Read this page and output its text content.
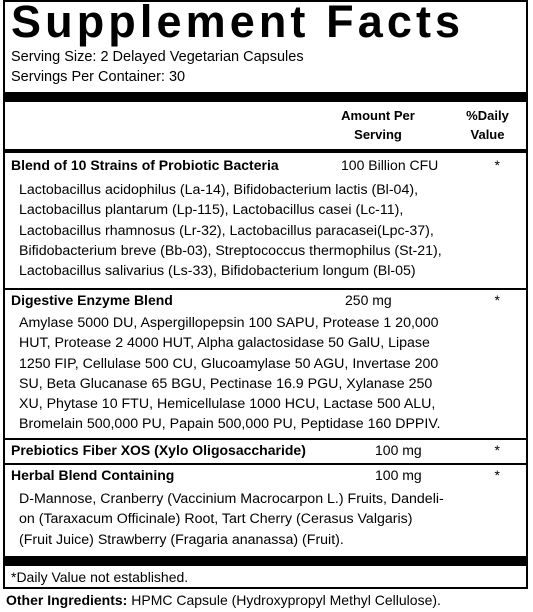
Supplement Facts
Serving Size: 2 Delayed Vegetarian Capsules
Servings Per Container: 30
Amount Per
Serving
%Daily
Value
Blend of 10 Strains of Probiotic Bacteria	100 Billion CFU	*
Lactobacillus acidophilus (La-14), Bifidobacterium lactis (Bl-04),
Lactobacillus plantarum (Lp-115), Lactobacillus casei (Lc-11),
Lactobacillus rhamnosus (Lr-32), Lactobacillus paracasei(Lpc-37),
Bifidobacterium breve (Bb-03), Streptococcus thermophilus (St-21),
Lactobacillus salivarius (Ls-33), Bifidobacterium longum (Bl-05)
Digestive Enzyme Blend	250 mg	*
Amylase 5000 DU, Aspergillopepsin 100 SAPU, Protease 1 20,000
HUT, Protease 2 4000 HUT, Alpha galactosidase 50 GalU, Lipase
1250 FIP, Cellulase 500 CU, Glucoamylase 50 AGU, Invertase 200
SU, Beta Glucanase 65 BGU, Pectinase 16.9 PGU, Xylanase 250
XU, Phytase 10 FTU, Hemicellulase 1000 HCU, Lactase 500 ALU,
Bromelain 500,000 PU, Papain 500,000 PU, Peptidase 160 DPPIV.
Prebiotics Fiber XOS (Xylo Oligosaccharide)	100 mg	*
Herbal Blend Containing	100 mg	*
D-Mannose, Cranberry (Vaccinium Macrocarpon L.) Fruits, Dandeli-
on (Taraxacum Officinale) Root, Tart Cherry (Cerasus Valgaris)
(Fruit Juice) Strawberry (Fragaria ananassa) (Fruit).
*Daily Value not established.
Other Ingredients: HPMC Capsule (Hydroxypropyl Methyl Cellulose).
